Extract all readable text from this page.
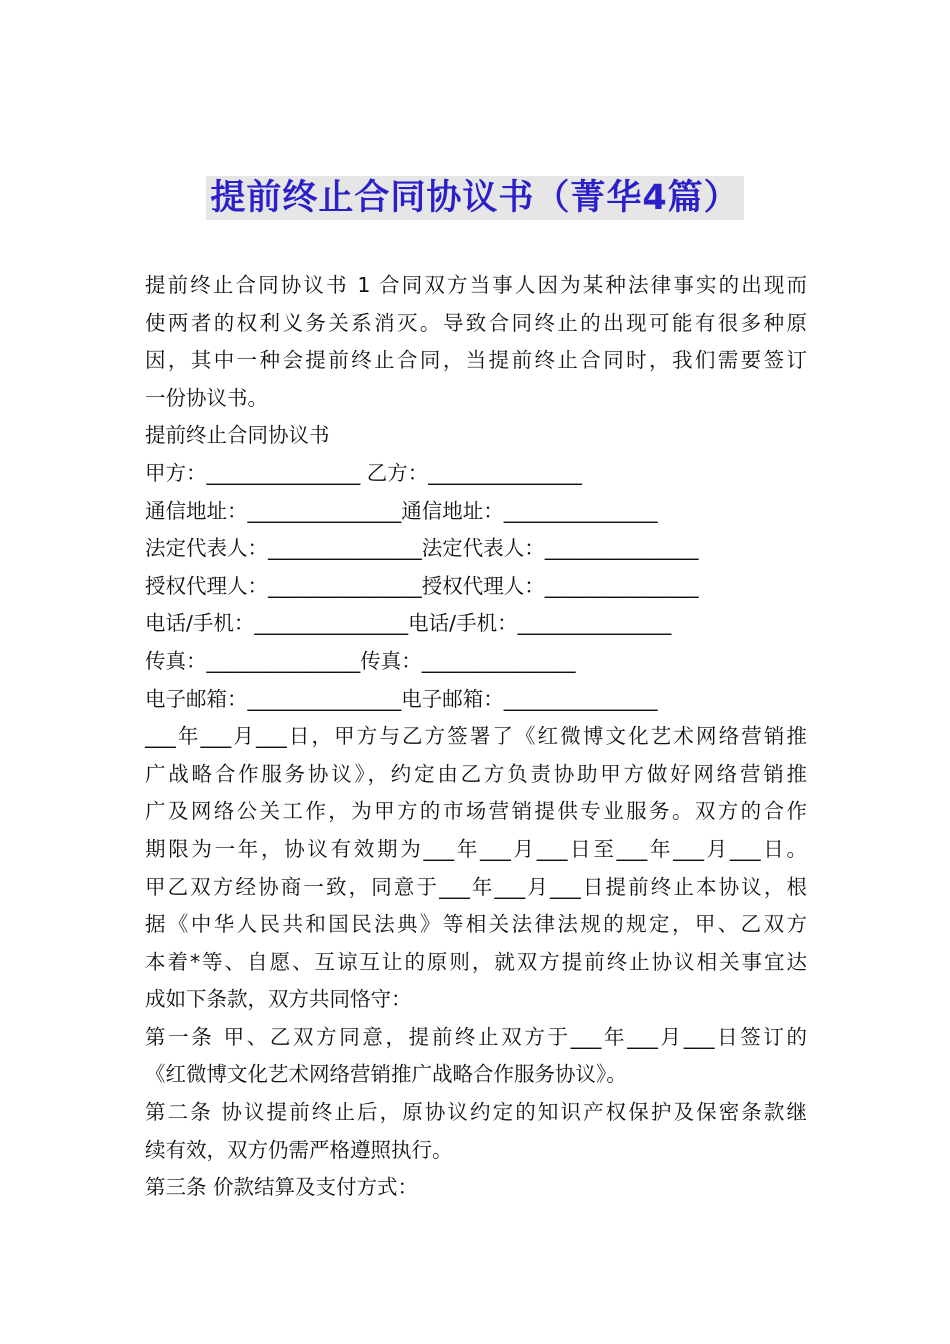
提前终止合同协议书（菁华4篇）
提前终止合同协议书 1 合同双方当事人因为某种法律事实的出现而
使两者的权利义务关系消灭。导致合同终止的出现可能有很多种原
因，其中一种会提前终止合同，当提前终止合同时，我们需要签订
一份协议书。
提前终止合同协议书
甲方：_______________ 乙方：_______________
通信地址：_______________通信地址：_______________
法定代表人：_______________法定代表人：_______________
授权代理人：_______________授权代理人：_______________
电话/手机：_______________电话/手机：_______________
传真：_______________传真：_______________
电子邮箱：_______________电子邮箱：_______________
___年___月___日，甲方与乙方签署了《红微博文化艺术网络营销推
广战略合作服务协议》，约定由乙方负责协助甲方做好网络营销推
广及网络公关工作，为甲方的市场营销提供专业服务。双方的合作
期限为一年，协议有效期为___年___月___日至___年___月___日。
甲乙双方经协商一致，同意于___年___月___日提前终止本协议，根
据《中华人民共和国民法典》等相关法律法规的规定，甲、乙双方
本着*等、自愿、互谅互让的原则，就双方提前终止协议相关事宜达
成如下条款，双方共同恪守：
第一条 甲、乙双方同意，提前终止双方于___年___月___日签订的
《红微博文化艺术网络营销推广战略合作服务协议》。
第二条 协议提前终止后，原协议约定的知识产权保护及保密条款继
续有效，双方仍需严格遵照执行。
第三条 价款结算及支付方式：
